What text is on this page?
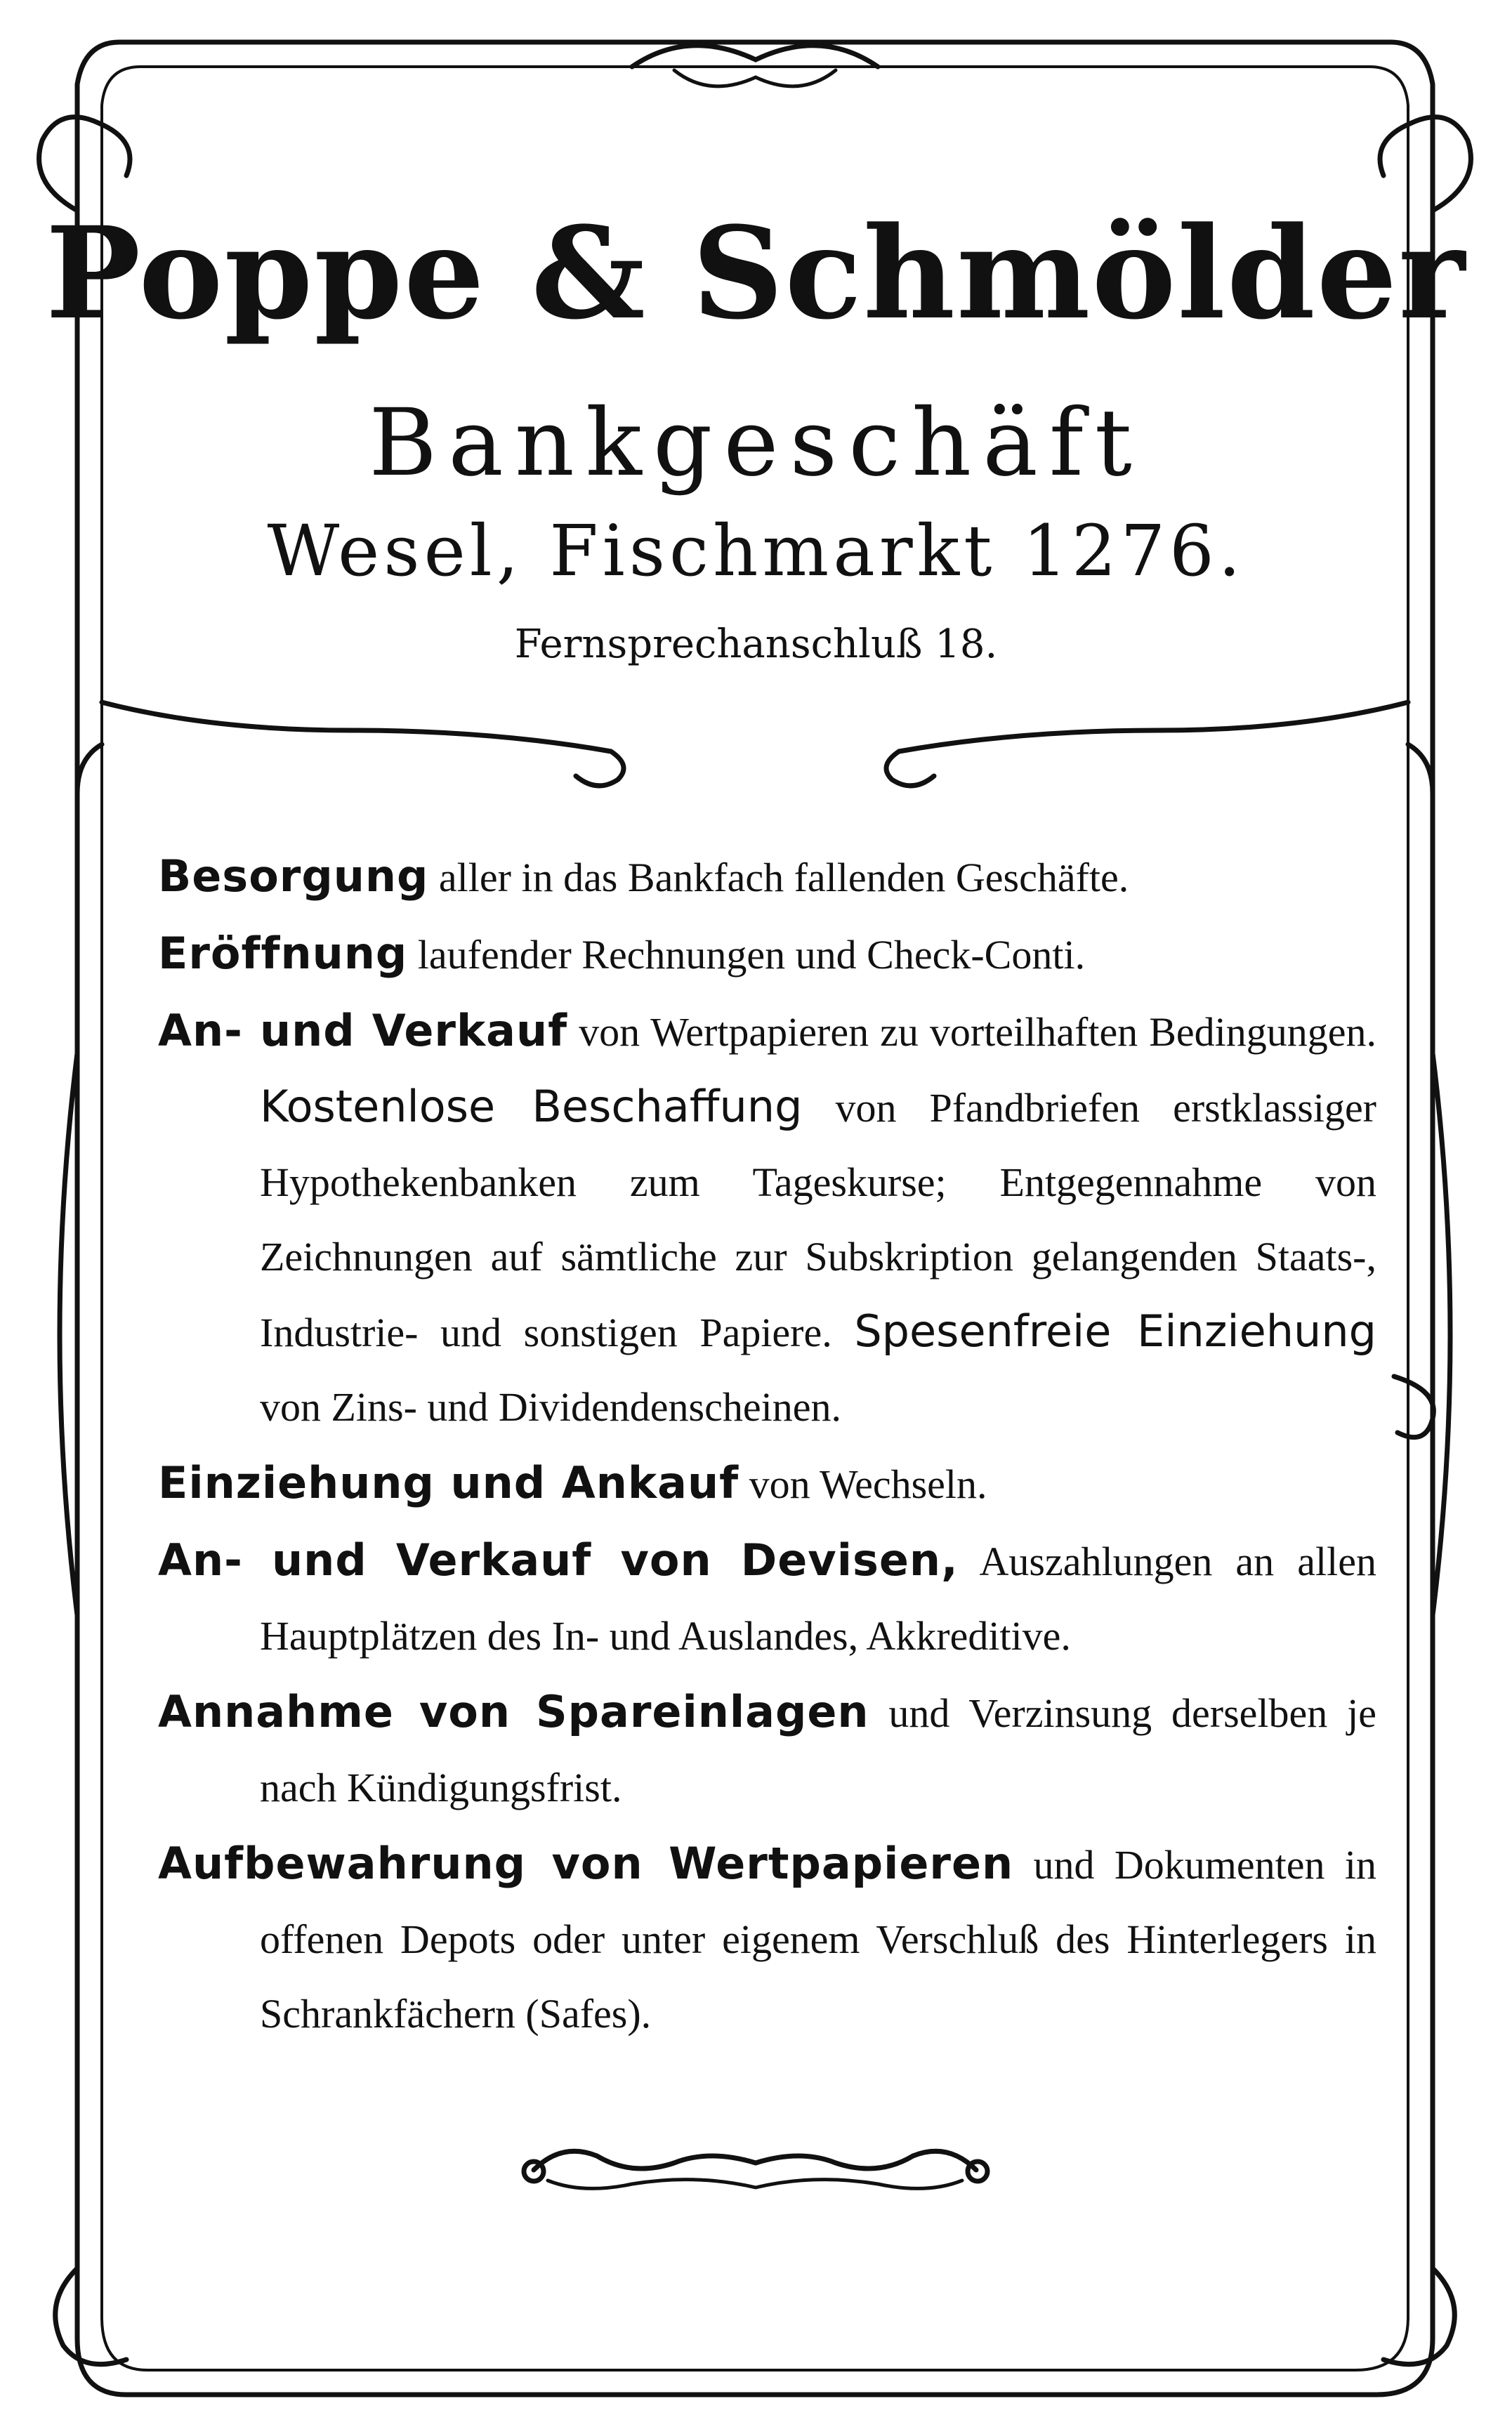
Poppe & Schmölder
Bankgeschäft
Wesel, Fischmarkt 1276.
Fernsprechanschluß 18.

Besorgung aller in das Bankfach fallenden Geschäfte.

Eröffnung laufender Rechnungen und Check-Conti.

An- und Verkauf von Wertpapieren zu vorteilhaften Bedingungen. Kostenlose Beschaffung von Pfandbriefen erstklassiger Hypothekenbanken zum Tageskurse; Entgegennahme von Zeichnungen auf sämtliche zur Subskription gelangenden Staats-, Industrie- und sonstigen Papiere. Spesenfreie Einziehung von Zins- und Dividendenscheinen.

Einziehung und Ankauf von Wechseln.

An- und Verkauf von Devisen, Auszahlungen an allen Hauptplätzen des In- und Auslandes, Akkreditive.

Annahme von Spareinlagen und Verzinsung derselben je nach Kündigungsfrist.

Aufbewahrung von Wertpapieren und Dokumenten in offenen Depots oder unter eigenem Verschluß des Hinterlegers in Schrankfächern (Safes).
